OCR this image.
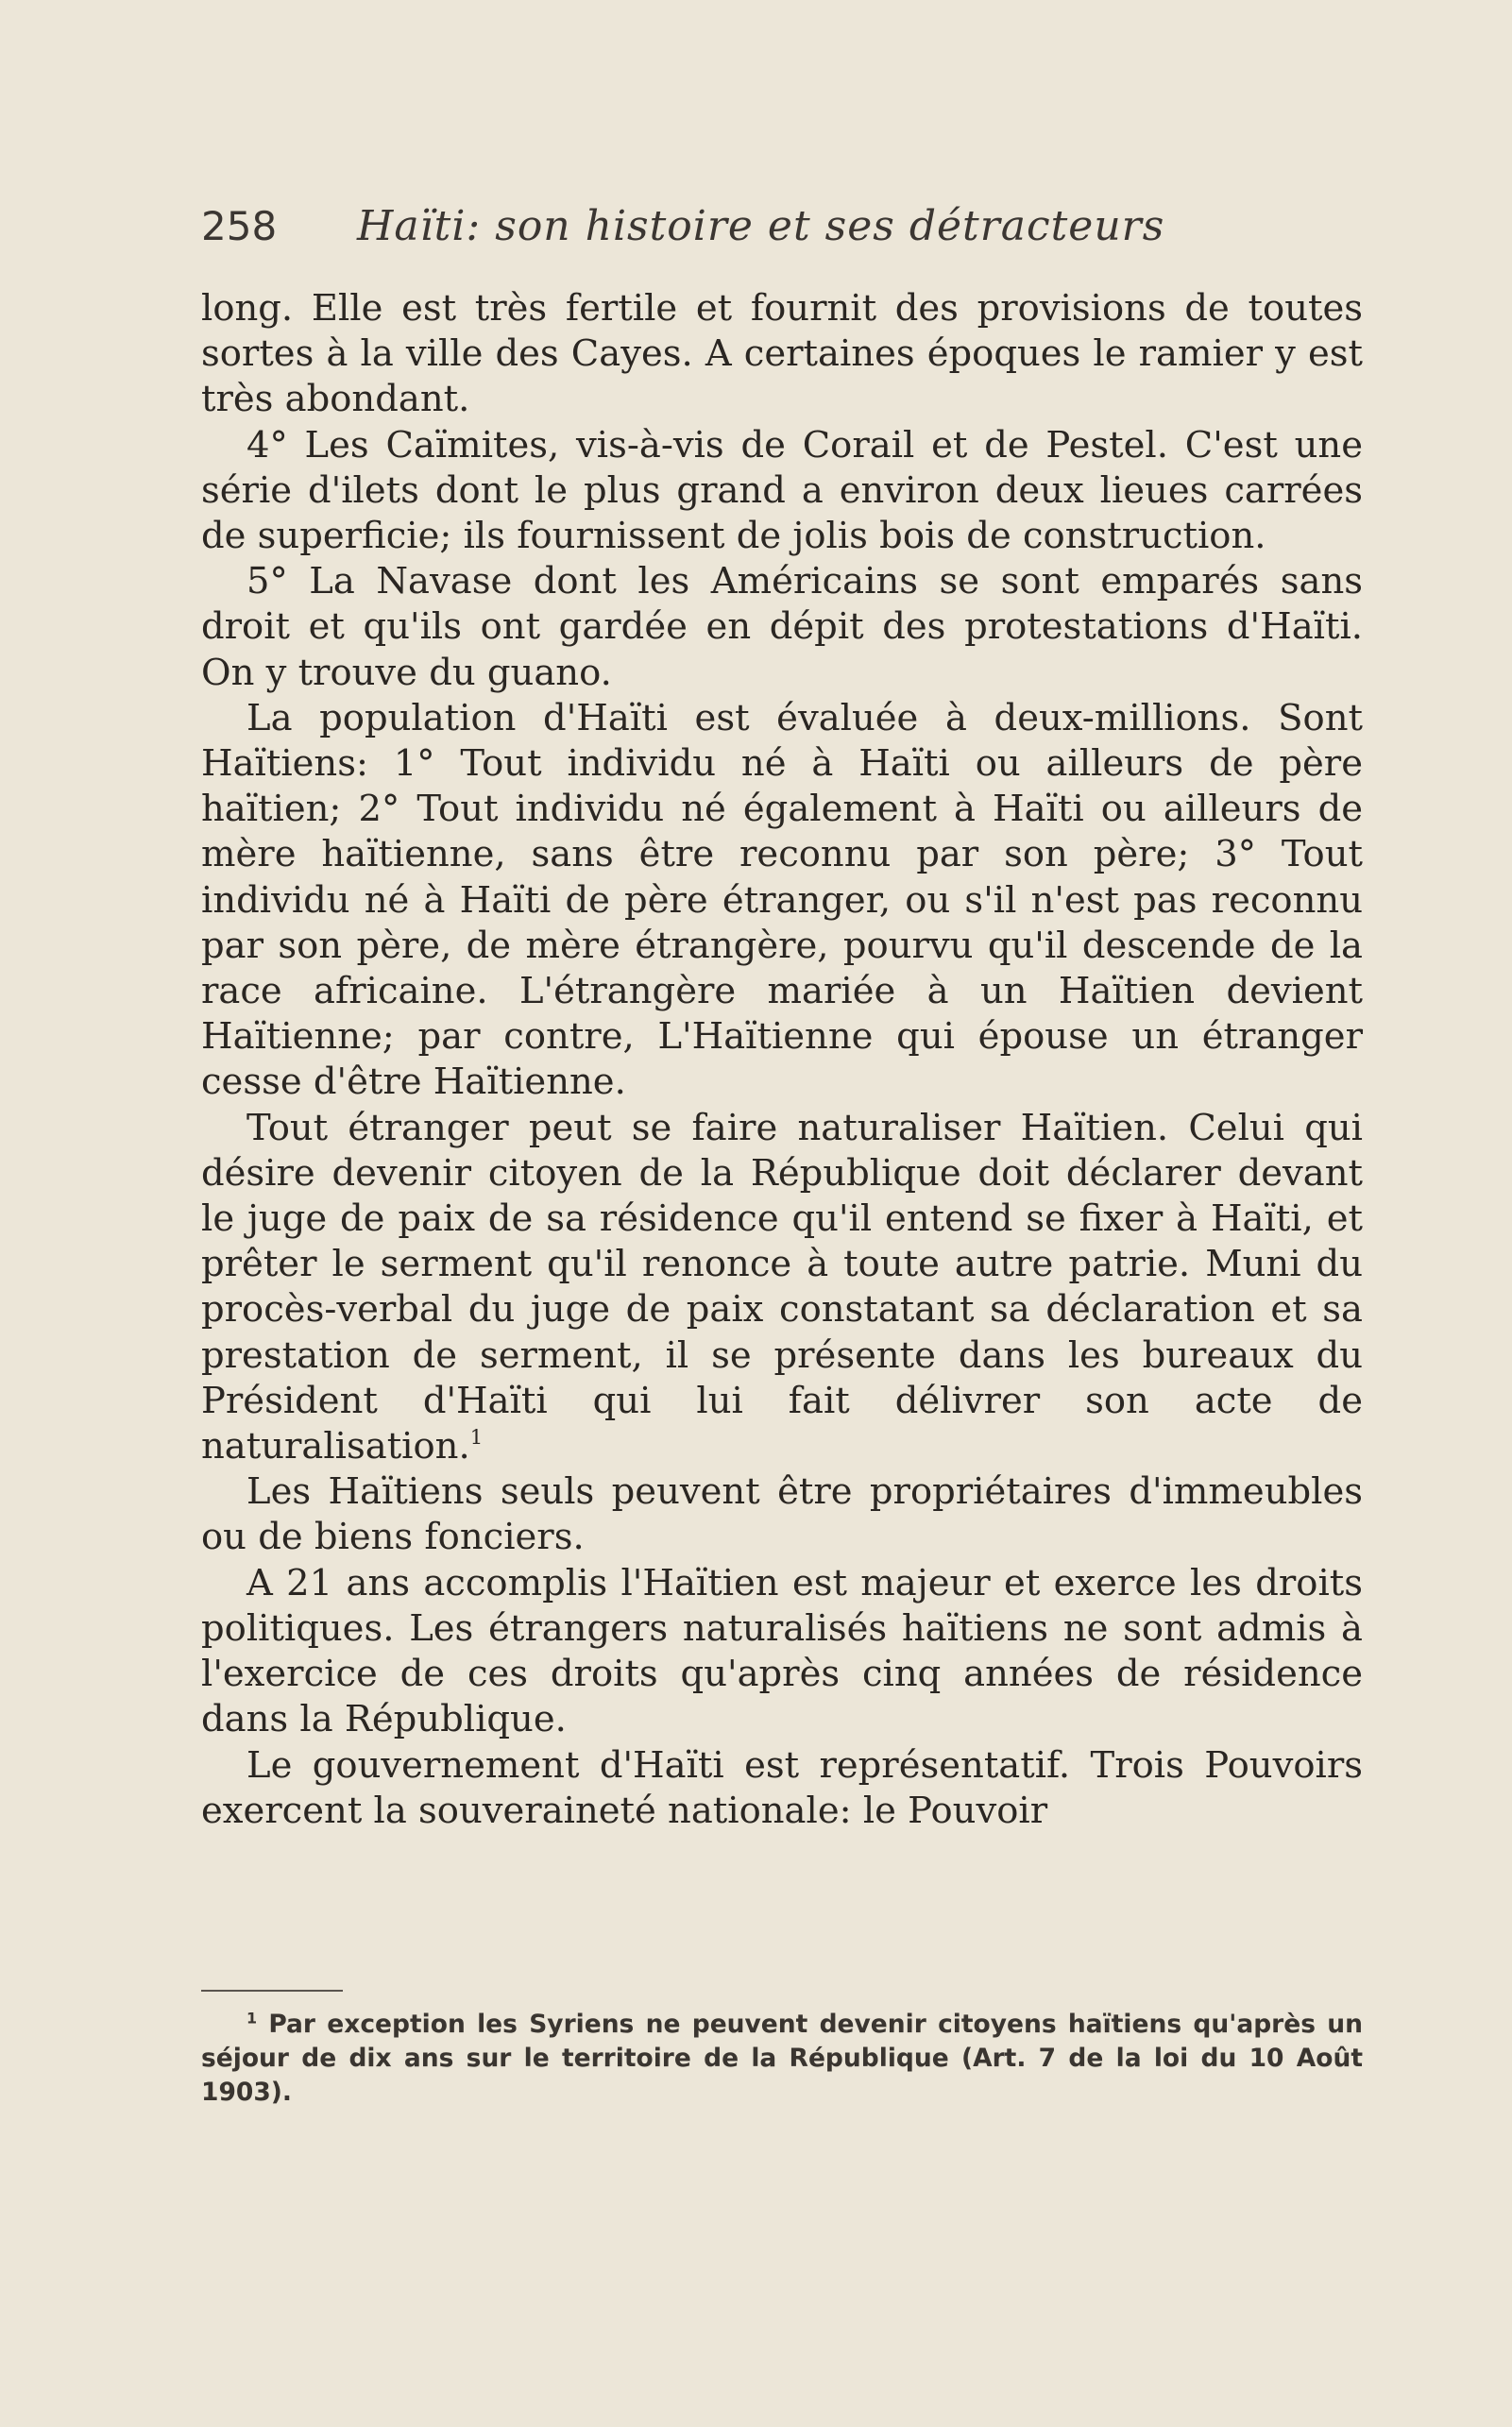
258 Haïti: son histoire et ses détracteurs

long. Elle est très fertile et fournit des provisions de toutes sortes à la ville des Cayes. A certaines époques le ramier y est très abondant.

4° Les Caïmites, vis-à-vis de Corail et de Pestel. C'est une série d'ilets dont le plus grand a environ deux lieues carrées de superficie; ils fournissent de jolis bois de construction.

5° La Navase dont les Américains se sont emparés sans droit et qu'ils ont gardée en dépit des protestations d'Haïti. On y trouve du guano.

La population d'Haïti est évaluée à deux-millions. Sont Haïtiens: 1° Tout individu né à Haïti ou ailleurs de père haïtien; 2° Tout individu né également à Haïti ou ailleurs de mère haïtienne, sans être reconnu par son père; 3° Tout individu né à Haïti de père étranger, ou s'il n'est pas reconnu par son père, de mère étrangère, pourvu qu'il descende de la race africaine. L'étrangère mariée à un Haïtien devient Haïtienne; par contre, L'Haïtienne qui épouse un étranger cesse d'être Haïtienne.

Tout étranger peut se faire naturaliser Haïtien. Celui qui désire devenir citoyen de la République doit déclarer devant le juge de paix de sa résidence qu'il entend se fixer à Haïti, et prêter le serment qu'il renonce à toute autre patrie. Muni du procès-verbal du juge de paix constatant sa déclaration et sa prestation de serment, il se présente dans les bureaux du Président d'Haïti qui lui fait délivrer son acte de naturalisation.$^1$

Les Haïtiens seuls peuvent être propriétaires d'immeubles ou de biens fonciers.

A 21 ans accomplis l'Haïtien est majeur et exerce les droits politiques. Les étrangers naturalisés haïtiens ne sont admis à l'exercice de ces droits qu'après cinq années de résidence dans la République.

Le gouvernement d'Haïti est représentatif. Trois Pouvoirs exercent la souveraineté nationale: le Pouvoir

$^1$ Par exception les Syriens ne peuvent devenir citoyens haïtiens qu'après un séjour de dix ans sur le territoire de la République (Art. 7 de la loi du 10 Août 1903).
